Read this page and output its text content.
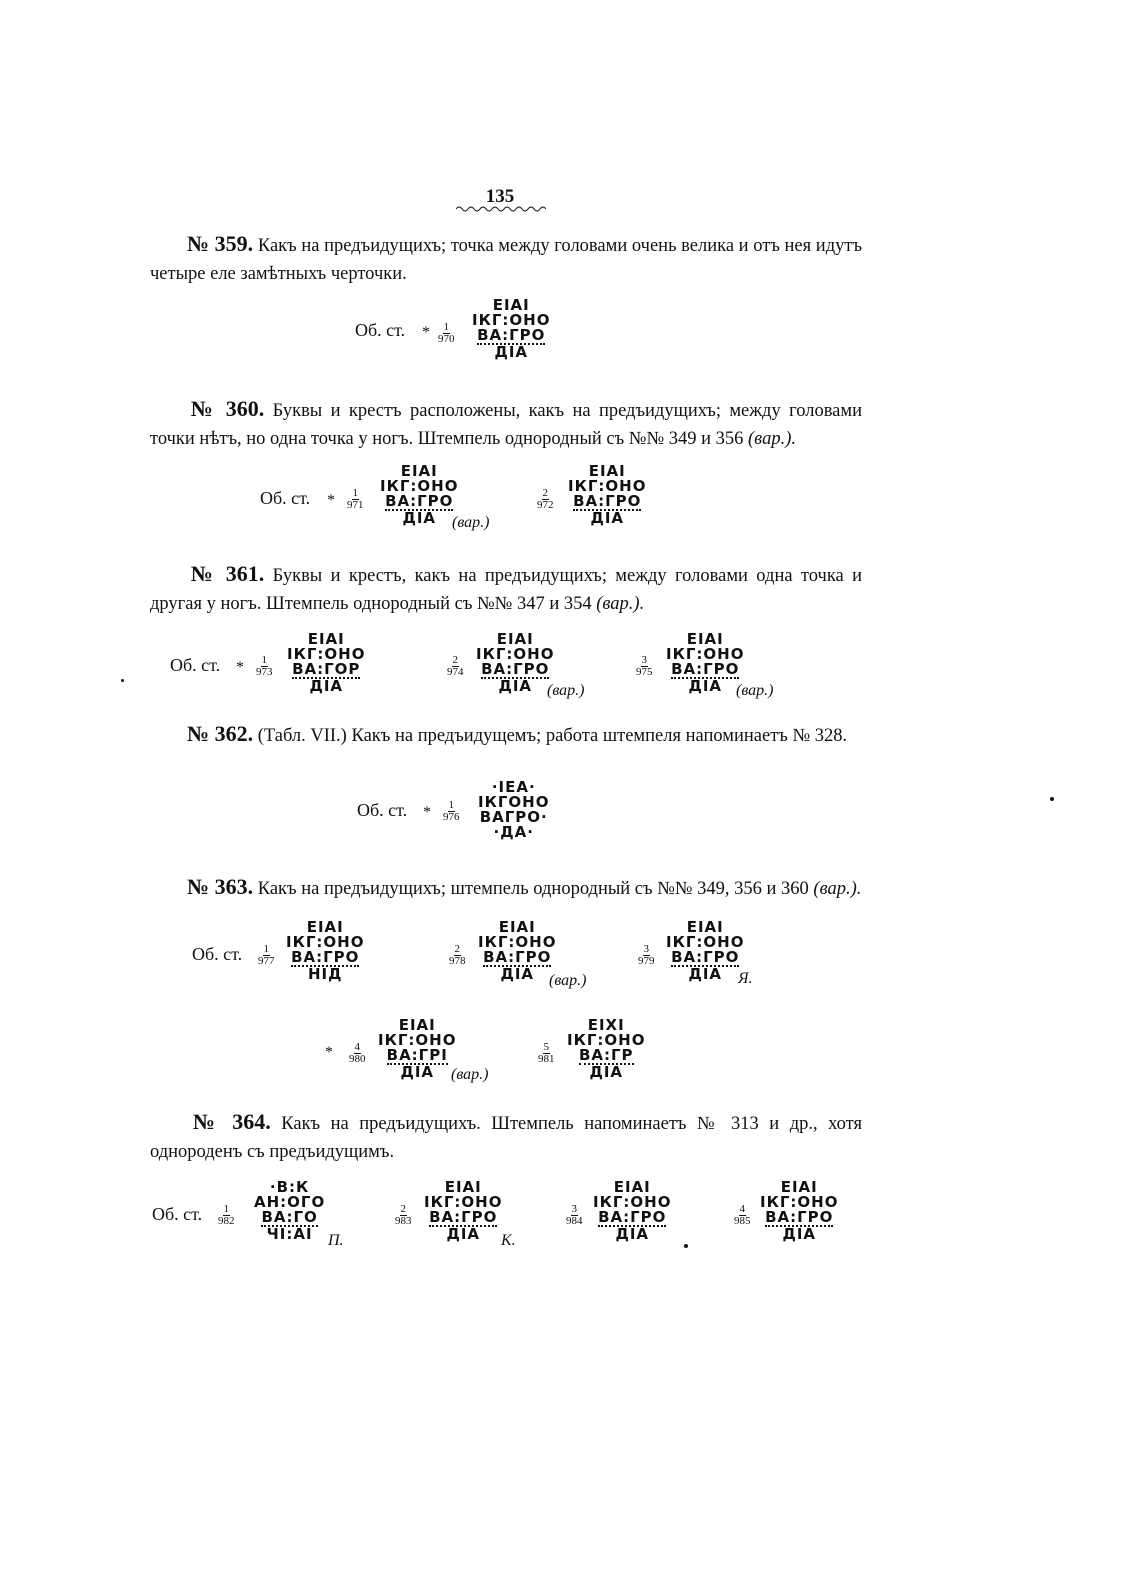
135

  № 359. Какъ на предъидущихъ; точка между головами очень велика и отъ нея идутъ четыре еле замѣтныхъ черточки.

Об. ст. * $\frac{1}{970}$
ЕІАІ
ІКГ:ОНО
ВА:ГРО
ДІА

  № 360. Буквы и крестъ расположены, какъ на предъидущихъ; между головами точки нѣтъ, но одна точка у ногъ. Штемпель однородный съ №№ 349 и 356 (вар.).

Об. ст. * $\frac{1}{971}$
ЕІАІ
ІКГ:ОНО
ВА:ГРО
ДІА (вар.)
$\frac{2}{972}$
ЕІАІ
ІКГ:ОНО
ВА:ГРО
ДІА

  № 361. Буквы и крестъ, какъ на предъидущихъ; между головами одна точка и другая у ногъ. Штемпель однородный съ №№ 347 и 354 (вар.).

Об. ст. * $\frac{1}{973}$
ЕІАІ
ІКГ:ОНО
ВА:ГОР
ДІА
$\frac{2}{974}$
ЕІАІ
ІКГ:ОНО
ВА:ГРО
ДІА (вар.)
$\frac{3}{975}$
ЕІАІ
ІКГ:ОНО
ВА:ГРО
ДІА (вар.)

  № 362. (Табл. VII.) Какъ на предъидущемъ; работа штемпеля напоминаетъ № 328.

Об. ст. * $\frac{1}{976}$
·ІЕА·
ІКГОНО
ВАГРО·
·ДА·

  № 363. Какъ на предъидущихъ; штемпель однородный съ №№ 349, 356 и 360 (вар.).

Об. ст. $\frac{1}{977}$
ЕІАІ
ІКГ:ОНО
ВА:ГРО
НІД
$\frac{2}{978}$
ЕІАІ
ІКГ:ОНО
ВА:ГРО
ДІА (вар.)
$\frac{3}{979}$
ЕІАІ
ІКГ:ОНО
ВА:ГРО
ДІА Я.
* $\frac{4}{980}$
ЕІАІ
ІКГ:ОНО
ВА:ГРІ
ДІА (вар.)
$\frac{5}{981}$
ЕІХІ
ІКГ:ОНО
ВА:ГР
ДІА

  № 364. Какъ на предъидущихъ. Штемпель напоминаетъ № 313 и др., хотя однороденъ съ предъидущимъ.

Об. ст. $\frac{1}{982}$
·В:К
АН:ОГО
ВА:ГО
ЧІ:АІ П.
$\frac{2}{983}$
ЕІАІ
ІКГ:ОНО
ВА:ГРО
ДІА К.
$\frac{3}{984}$
ЕІАІ
ІКГ:ОНО
ВА:ГРО
ДІА
$\frac{4}{985}$
ЕІАІ
ІКГ:ОНО
ВА:ГРО
ДІА
